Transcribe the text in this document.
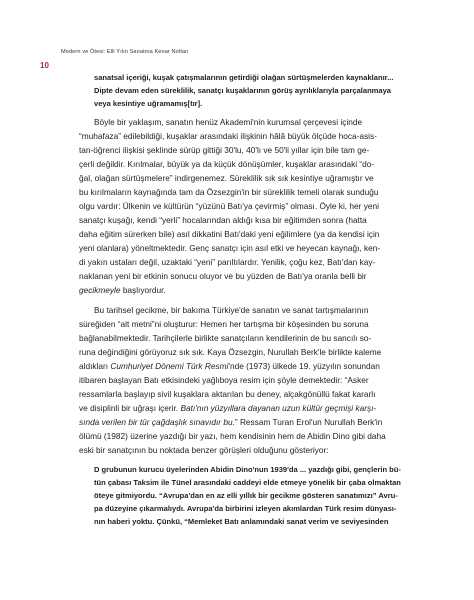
Modern ve Ötesi: Elli Yılın Sanatına Kenar Notları
10
sanatsal içeriği, kuşak çatışmalarının getirdiği olağan sürtüşmelerden kaynaklanır...
Dipte devam eden süreklilik, sanatçı kuşaklarının görüş ayrılıklarıyla parçalanmaya
veya kesintiye uğramamış[tır].
Böyle bir yaklaşım, sanatın henüz Akademi'nin kurumsal çerçevesi içinde
“muhafaza” edilebildiği, kuşaklar arasındaki ilişkinin hâlâ büyük ölçüde hoca-asis-
tan-öğrenci ilişkisi şeklinde sürüp gittiği 30'lu, 40'lı ve 50'li yıllar için bile tam ge-
çerli değildir. Kırılmalar, büyük ya da küçük dönüşümler, kuşaklar arasındaki “do-
ğal, olağan sürtüşmelere” indirgenemez. Süreklilik sık sık kesintiye uğramıştır ve
bu kırılmaların kaynağında tam da Özsezgin'in bir süreklilik temeli olarak sunduğu
olgu vardır: Ülkenin ve kültürün “yüzünü Batı'ya çevirmiş” olması. Öyle ki, her yeni
sanatçı kuşağı, kendi “yerli” hocalarından aldığı kısa bir eğitimden sonra (hatta
daha eğitim sürerken bile) asıl dikkatini Batı'daki yeni eğilimlere (ya da kendisi için
yeni olanlara) yöneltmektedir. Genç sanatçı için asıl etki ve heyecan kaynağı, ken-
di yakın ustaları değil, uzaktaki “yeni” parıltılardır. Yenilik, çoğu kez, Batı'dan kay-
naklanan yeni bir etkinin sonucu oluyor ve bu yüzden de Batı'ya oranla belli bir
gecikmeyle başlıyordur.
Bu tarihsel gecikme, bir bakıma Türkiye'de sanatın ve sanat tartışmalarının
süreğiden “alt metni”ni oluşturur: Hemen her tartışma bir köşesinden bu soruna
bağlanabilmektedir. Tarihçilerle birlikte sanatçıların kendilerinin de bu sancılı so-
runa değindiğini görüyoruz sık sık. Kaya Özsezgin, Nurullah Berk'le birlikte kaleme
aldıkları Cumhuriyet Dönemi Türk Resmi'nde (1973) ülkede 19. yüzyılın sonundan
itibaren başlayan Batı etkisindeki yağlıboya resim için şöyle demektedir: “Asker
ressamlarla başlayıp sivil kuşaklara aktarılan bu deney, alçakgönüllü fakat kararlı
ve disiplinli bir uğraşı içerir. Batı'nın yüzyıllara dayanan uzun kültür geçmişi karşı-
sında verilen bir tür çağdaşlık sınavıdır bu.” Ressam Turan Erol'un Nurullah Berk'in
ölümü (1982) üzerine yazdığı bir yazı, hem kendisinin hem de Abidin Dino gibi daha
eski bir sanatçının bu noktada benzer görüşleri olduğunu gösteriyor:
D grubunun kurucu üyelerinden Abidin Dino'nun 1939'da ... yazdığı gibi, gençlerin bü-
tün çabası Taksim ile Tünel arasındaki caddeyi elde etmeye yönelik bir çaba olmaktan
öteye gitmiyordu. “Avrupa'dan en az elli yıllık bir gecikme gösteren sanatımızı” Avru-
pa düzeyine çıkarmalıydı. Avrupa'da birbirini izleyen akımlardan Türk resim dünyası-
nın haberi yoktu. Çünkü, “Memleket Batı anlamındaki sanat verim ve seviyesinden
